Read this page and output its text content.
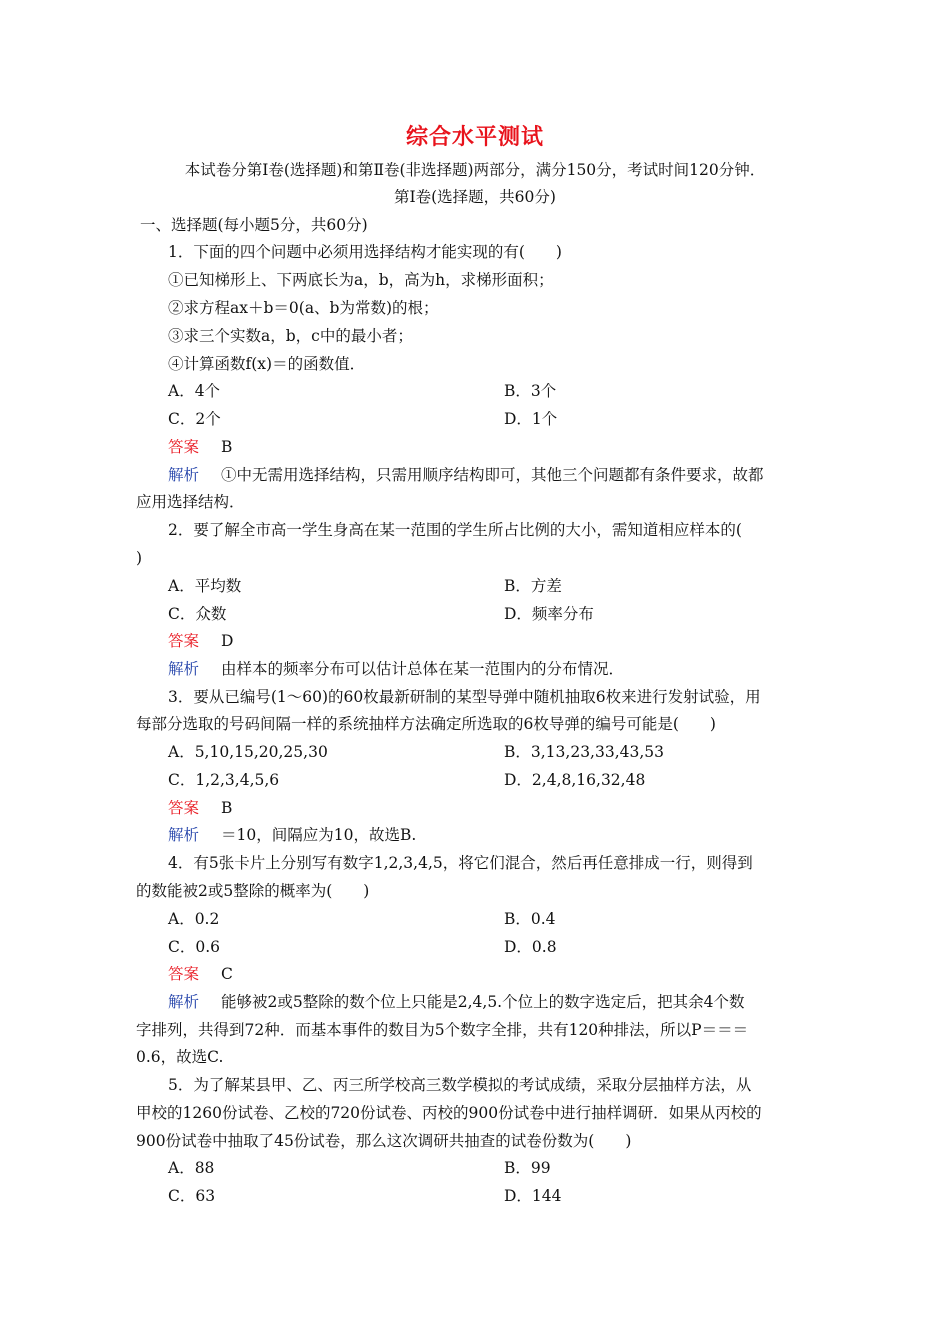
综合水平测试
本试卷分第Ⅰ卷(选择题)和第Ⅱ卷(非选择题)两部分，满分150分，考试时间120分钟．
第Ⅰ卷(选择题，共60分)
一、选择题(每小题5分，共60分)
1．下面的四个问题中必须用选择结构才能实现的有(　　)
①已知梯形上、下两底长为a，b，高为h，求梯形面积；
②求方程ax＋b＝0(a、b为常数)的根；
③求三个实数a，b，c中的最小者；
④计算函数f(x)＝的函数值．
A．4个	B．3个
C．2个	D．1个
答案 B
解析 ①中无需用选择结构，只需用顺序结构即可，其他三个问题都有条件要求，故都
应用选择结构．
2．要了解全市高一学生身高在某一范围的学生所占比例的大小，需知道相应样本的(
)
A．平均数	B．方差
C．众数	D．频率分布
答案 D
解析 由样本的频率分布可以估计总体在某一范围内的分布情况．
3．要从已编号(1～60)的60枚最新研制的某型导弹中随机抽取6枚来进行发射试验，用
每部分选取的号码间隔一样的系统抽样方法确定所选取的6枚导弹的编号可能是(　　)
A．5,10,15,20,25,30	B．3,13,23,33,43,53
C．1,2,3,4,5,6	D．2,4,8,16,32,48
答案 B
解析 ＝10，间隔应为10，故选B.
4．有5张卡片上分别写有数字1,2,3,4,5，将它们混合，然后再任意排成一行，则得到
的数能被2或5整除的概率为(　　)
A．0.2	B．0.4
C．0.6	D．0.8
答案 C
解析 能够被2或5整除的数个位上只能是2,4,5.个位上的数字选定后，把其余4个数
字排列，共得到72种．而基本事件的数目为5个数字全排，共有120种排法，所以P＝＝＝
0.6，故选C.
5．为了解某县甲、乙、丙三所学校高三数学模拟的考试成绩，采取分层抽样方法，从
甲校的1260份试卷、乙校的720份试卷、丙校的900份试卷中进行抽样调研．如果从丙校的
900份试卷中抽取了45份试卷，那么这次调研共抽查的试卷份数为(　　)
A．88	B．99
C．63	D．144
